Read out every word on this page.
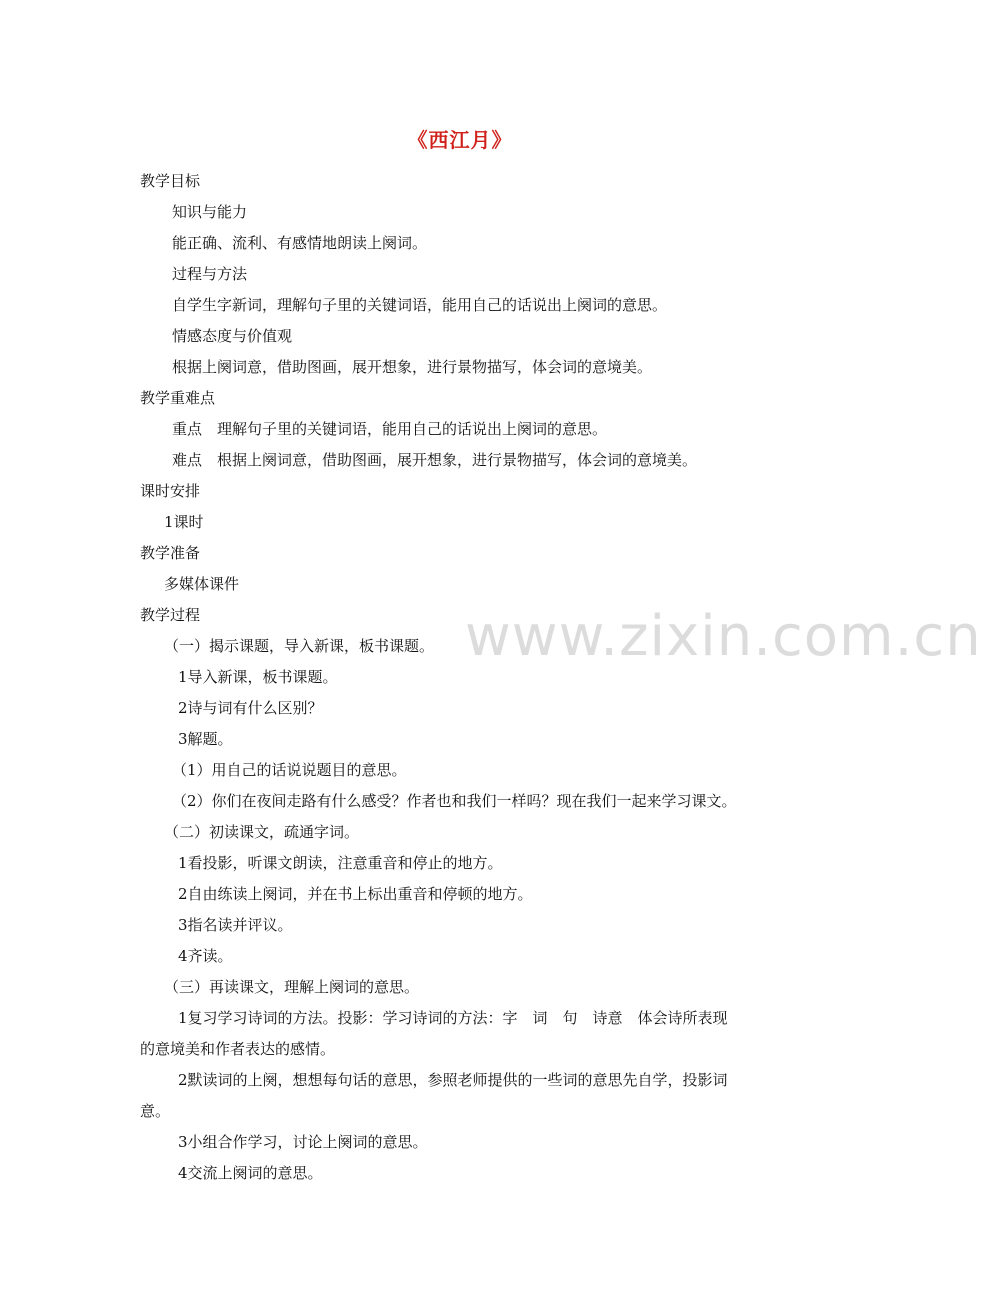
www.zixin.com.cn
《西江月》
教学目标
知识与能力
能正确、流利、有感情地朗读上阕词。
过程与方法
自学生字新词，理解句子里的关键词语，能用自己的话说出上阕词的意思。
情感态度与价值观
根据上阕词意，借助图画，展开想象，进行景物描写，体会词的意境美。
教学重难点
重点　理解句子里的关键词语，能用自己的话说出上阕词的意思。
难点　根据上阕词意，借助图画，展开想象，进行景物描写，体会词的意境美。
课时安排
1课时
教学准备
多媒体课件
教学过程
（一）揭示课题，导入新课，板书课题。
1导入新课，板书课题。
2诗与词有什么区别？
3解题。
（1）用自己的话说说题目的意思。
（2）你们在夜间走路有什么感受？作者也和我们一样吗？现在我们一起来学习课文。
（二）初读课文，疏通字词。
1看投影，听课文朗读，注意重音和停止的地方。
2自由练读上阕词，并在书上标出重音和停顿的地方。
3指名读并评议。
4齐读。
（三）再读课文，理解上阕词的意思。
1复习学习诗词的方法。投影：学习诗词的方法：字　词　句　诗意　体会诗所表现
的意境美和作者表达的感情。
2默读词的上阕，想想每句话的意思，参照老师提供的一些词的意思先自学，投影词
意。
3小组合作学习，讨论上阕词的意思。
4交流上阕词的意思。
